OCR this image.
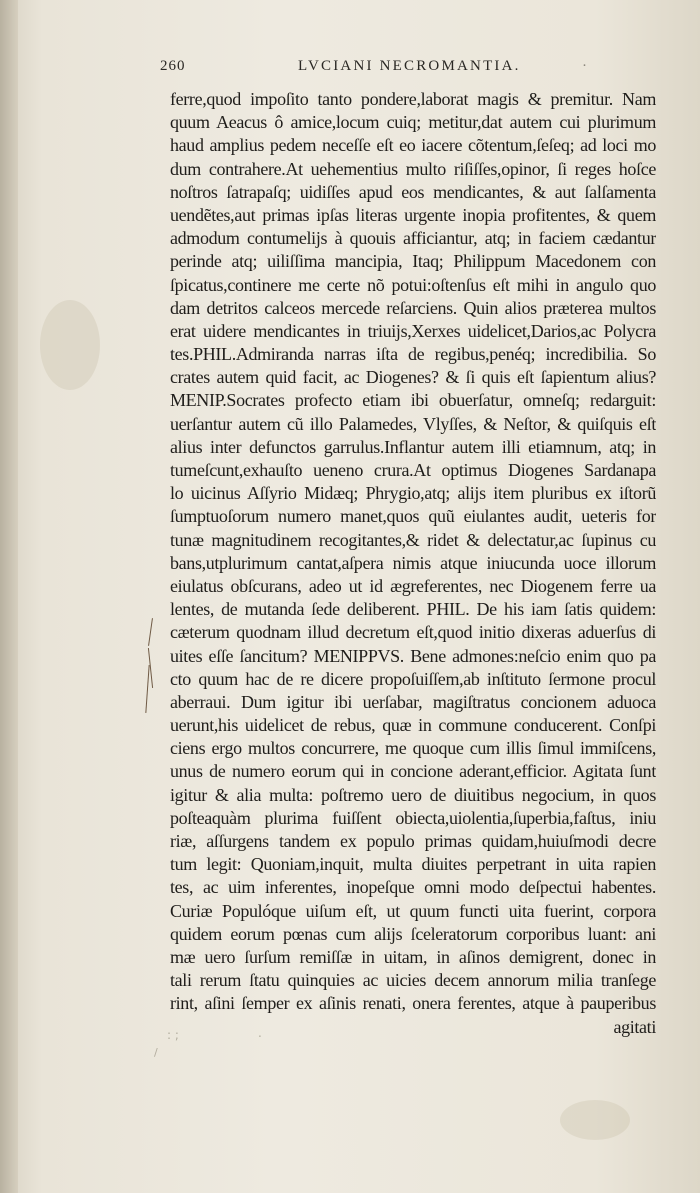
260	LVCIANI NECROMANTIA.	·
ferre,quod impoſito tanto pondere,laborat magis & premitur. Nam
quum Aeacus ô amice,locum cuiq; metitur,dat autem cui plurimum
haud amplius pedem neceſſe eſt eo iacere cõtentum,ſeſeq; ad loci mo
dum contrahere.At uehementius multo riſiſſes,opinor, ſi reges hoſce
noſtros ſatrapaſq; uidiſſes apud eos mendicantes, & aut ſalſamenta
uendẽtes,aut primas ipſas literas urgente inopia profitentes, & quem
admodum contumelijs à quouis afficiantur, atq; in faciem cædantur
perinde atq; uiliſſima mancipia, Itaq; Philippum Macedonem con
ſpicatus,continere me certe nõ potui:oſtenſus eſt mihi in angulo quo
dam detritos calceos mercede reſarciens. Quin alios præterea multos
erat uidere mendicantes in triuijs,Xerxes uidelicet,Darios,ac Polycra
tes.PHIL.Admiranda narras iſta de regibus,penéq; incredibilia. So
crates autem quid facit, ac Diogenes? & ſi quis eſt ſapientum alius?
MENIP.Socrates profecto etiam ibi obuerſatur, omneſq; redarguit:
uerſantur autem cũ illo Palamedes, Vlyſſes, & Neſtor, & quiſquis eſt
alius inter defunctos garrulus.Inflantur autem illi etiamnum, atq; in
tumeſcunt,exhauſto ueneno crura.At optimus Diogenes Sardanapa
lo uicinus Aſſyrio Midæq; Phrygio,atq; alijs item pluribus ex iſtorũ
ſumptuoſorum numero manet,quos quũ eiulantes audit, ueteris for
tunæ magnitudinem recogitantes,& ridet & delectatur,ac ſupinus cu
bans,utplurimum cantat,aſpera nimis atque iniucunda uoce illorum
eiulatus obſcurans, adeo ut id ægreferentes, nec Diogenem ferre ua
lentes, de mutanda ſede deliberent. PHIL. De his iam ſatis quidem:
cæterum quodnam illud decretum eſt,quod initio dixeras aduerſus di
uites eſſe ſancitum? MENIPPVS. Bene admones:neſcio enim quo pa
cto quum hac de re dicere propoſuiſſem,ab inſtituto ſermone procul
aberraui. Dum igitur ibi uerſabar, magiſtratus concionem aduoca
uerunt,his uidelicet de rebus, quæ in commune conducerent. Conſpi
ciens ergo multos concurrere, me quoque cum illis ſimul immiſcens,
unus de numero eorum qui in concione aderant,efficior. Agitata ſunt
igitur & alia multa: poſtremo uero de diuitibus negocium, in quos
poſteaquàm plurima fuiſſent obiecta,uiolentia,ſuperbia,faſtus, iniu
riæ, aſſurgens tandem ex populo primas quidam,huiuſmodi decre
tum legit: Quoniam,inquit, multa diuites perpetrant in uita rapien
tes, ac uim inferentes, inopeſque omni modo deſpectui habentes.
Curiæ Populóque uiſum eſt, ut quum functi uita fuerint, corpora
quidem eorum pœnas cum alijs ſceleratorum corporibus luant: ani
mæ uero ſurſum remiſſæ in uitam, in aſinos demigrent, donec in
tali rerum ſtatu quinquies ac uicies decem annorum milia tranſege
rint, aſini ſemper ex aſinis renati, onera ferentes, atque à pauperibus
agitati
: ;	.
/
